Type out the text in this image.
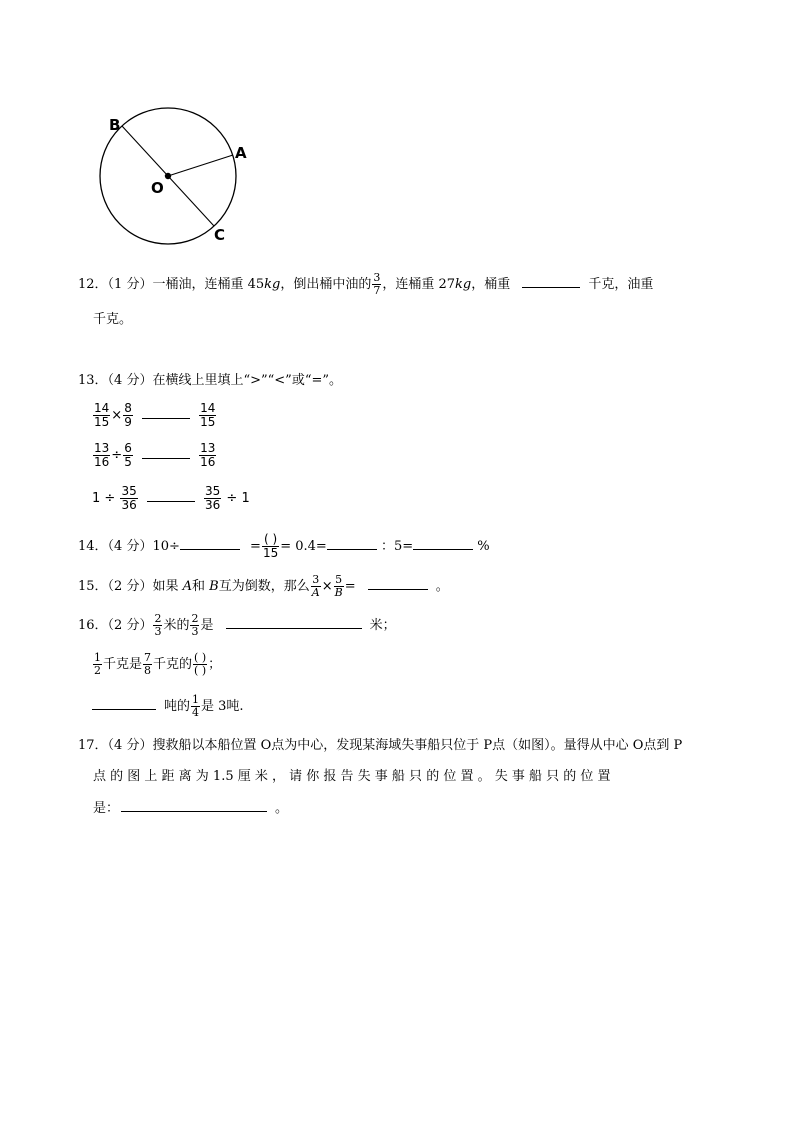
B
A
O
C
12．（1 分）一桶油，连桶重 45kg，倒出桶中油的 $\frac{3}{7}$ ，连桶重 27kg，桶重	千克，油重
千克。
13．（4 分）在横线上里填上“>”“<”或“=”。
$\frac{14}{15} \times \frac{8}{9}$
	$\frac{14}{15}$
$\frac{13}{16} \div \frac{6}{5}$
	$\frac{13}{16}$
$1 \div \frac{35}{36}$
	$\frac{35}{36} \div 1$
14．（4 分）10÷	= $\frac{( )}{15} = 0.4=$	：5=	%
15．（2 分）如果 A和 B互为倒数，那么 $\frac{3}{A} \times \frac{5}{B}$ =	。
16．（2 分） $\frac{2}{3}$ 米的 $\frac{2}{3}$ 是	米；
$\frac{1}{2}$ 千克是 $\frac{7}{8}$ 千克的 $\frac{( )}{( )}$ ；
吨的 $\frac{1}{4}$ 是 3吨.
17．（4 分）搜救船以本船位置 O点为中心，发现某海域失事船只位于 P点（如图）。量得从中心 O点到 P
点 的 图 上 距 离 为 1.5 厘 米 ， 请 你 报 告 失 事 船 只 的 位 置 。 失 事 船 只 的 位 置
是：	。
